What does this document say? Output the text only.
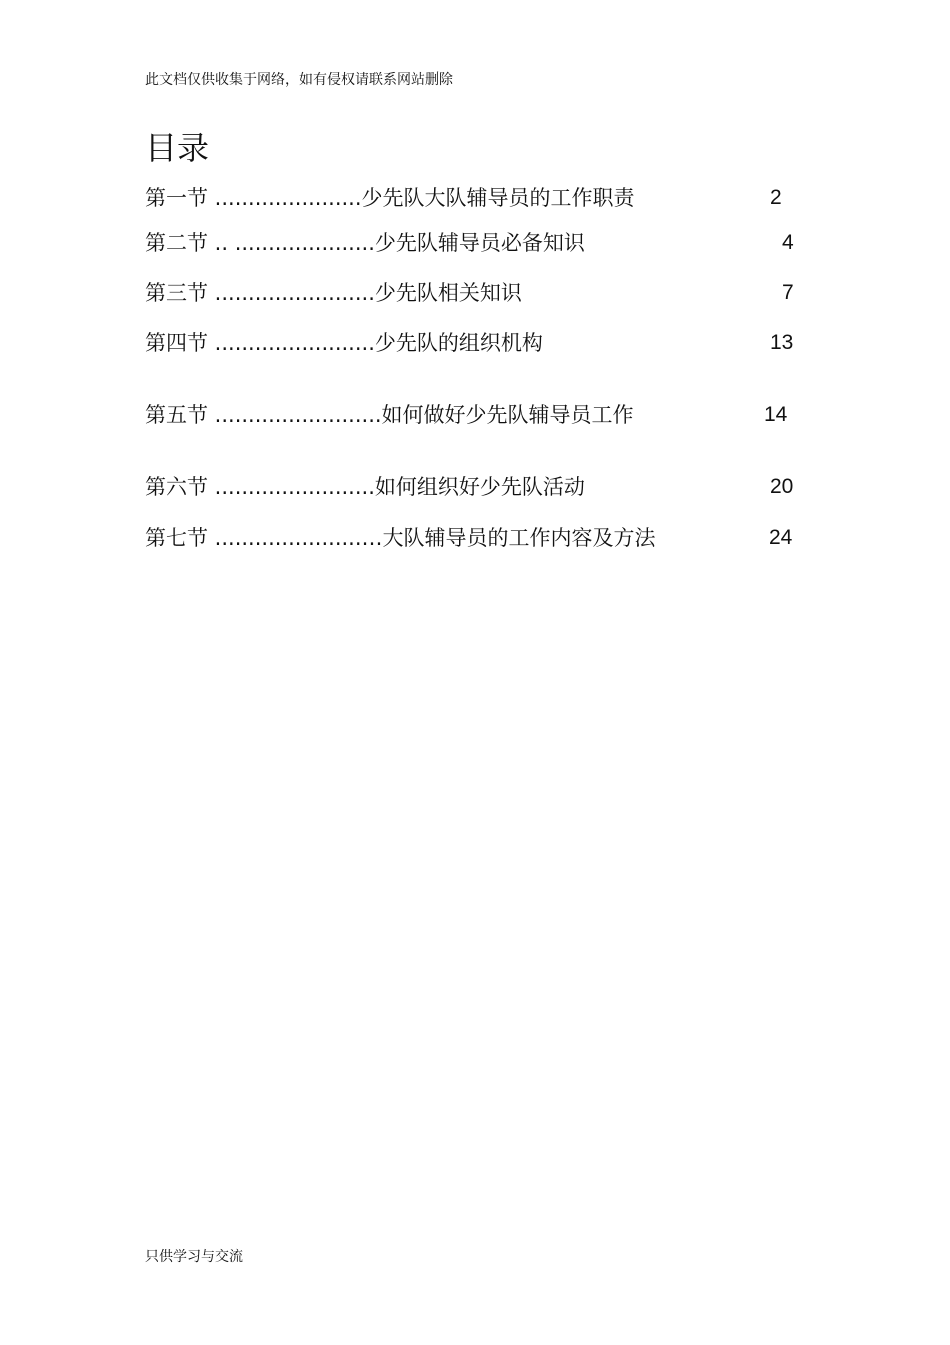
此文档仅供收集于网络，如有侵权请联系网站删除
目录
第一节 ......................少先队大队辅导员的工作职责	2
第二节 .. .....................少先队辅导员必备知识	4
第三节 ........................少先队相关知识	7
第四节 ........................少先队的组织机构	13
第五节 .........................如何做好少先队辅导员工作	14
第六节 ........................如何组织好少先队活动	20
第七节 ......................…大队辅导员的工作内容及方法	24
只供学习与交流
